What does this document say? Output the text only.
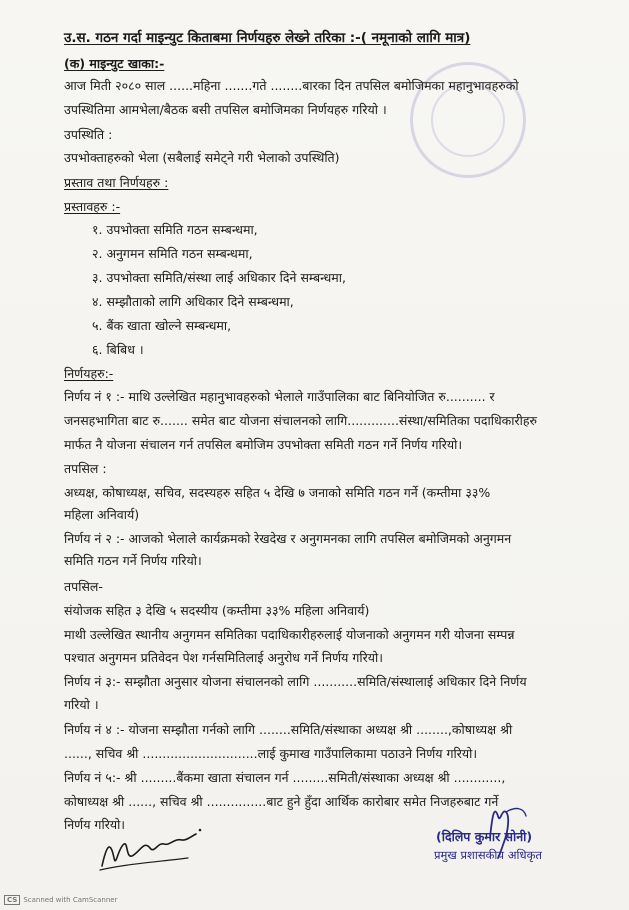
उ.स. गठन गर्दा माइन्युट किताबमा निर्णयहरु लेख्ने तरिका :-( नमूनाको लागि मात्र)
(क) माइन्युट खाका:-
आज मिती २०८० साल ......महिना .......गते ........बारका दिन तपसिल बमोजिमका महानुभावहरुको
उपस्थितिमा आमभेला/बैठक बसी तपसिल बमोजिमका निर्णयहरु गरियो ।
उपस्थिति :
उपभोक्ताहरुको भेला (सबैलाई समेट्ने गरी भेलाको उपस्थिति)
प्रस्ताव तथा निर्णयहरु :
प्रस्तावहरु :-
१. उपभोक्ता समिति गठन सम्बन्धमा,
२. अनुगमन समिति गठन सम्बन्धमा,
३. उपभोक्ता समिति/संस्था लाई अधिकार दिने सम्बन्धमा,
४. सम्झौताको लागि अधिकार दिने सम्बन्धमा,
५. बैंक खाता खोल्ने सम्बन्धमा,
६. बिबिध ।
निर्णयहरु:-
निर्णय नं १ :- माथि उल्लेखित महानुभावहरुको भेलाले गाउँपालिका बाट बिनियोजित रु.......... र
जनसहभागिता बाट रु....... समेत बाट योजना संचालनको लागि.............संस्था/समितिका पदाधिकारीहरु
मार्फत नै योजना संचालन गर्न तपसिल बमोजिम उपभोक्ता समिती गठन गर्ने निर्णय गरियो।
तपसिल :
अध्यक्ष, कोषाध्यक्ष, सचिव, सदस्यहरु सहित ५ देखि ७ जनाको समिति गठन गर्ने (कम्तीमा ३३%
महिला अनिवार्य)
निर्णय नं २ :- आजको भेलाले कार्यक्रमको रेखदेख र अनुगमनका लागि तपसिल बमोजिमको अनुगमन
समिति गठन गर्ने निर्णय गरियो।
तपसिल-
संयोजक सहित ३ देखि ५ सदस्यीय (कम्तीमा ३३% महिला अनिवार्य)
माथी उल्लेखित स्थानीय अनुगमन समितिका पदाधिकारीहरुलाई योजनाको अनुगमन गरी योजना सम्पन्न
पश्चात अनुगमन प्रतिवेदन पेश गर्नसमितिलाई अनुरोध गर्ने निर्णय गरियो।
निर्णय नं ३:- सम्झौता अनुसार योजना संचालनको लागि ...........समिति/संस्थालाई अधिकार दिने निर्णय
गरियो ।
निर्णय नं ४ :- योजना सम्झौता गर्नको लागि ........समिति/संस्थाका अध्यक्ष श्री ........,कोषाध्यक्ष श्री
......, सचिव श्री .............................लाई कुमाख गाउँपालिकामा पठाउने निर्णय गरियो।
निर्णय नं ५:- श्री .........बैंकमा खाता संचालन गर्न .........समिती/संस्थाका अध्यक्ष श्री ............,
कोषाध्यक्ष श्री ......, सचिव श्री ...............बाट हुने हुँदा आर्थिक कारोबार समेत निजहरुबाट गर्ने
निर्णय गरियो।
(दिलिप कुमार सोनी)
प्रमुख प्रशासकीय अधिकृत
CS Scanned with CamScanner
